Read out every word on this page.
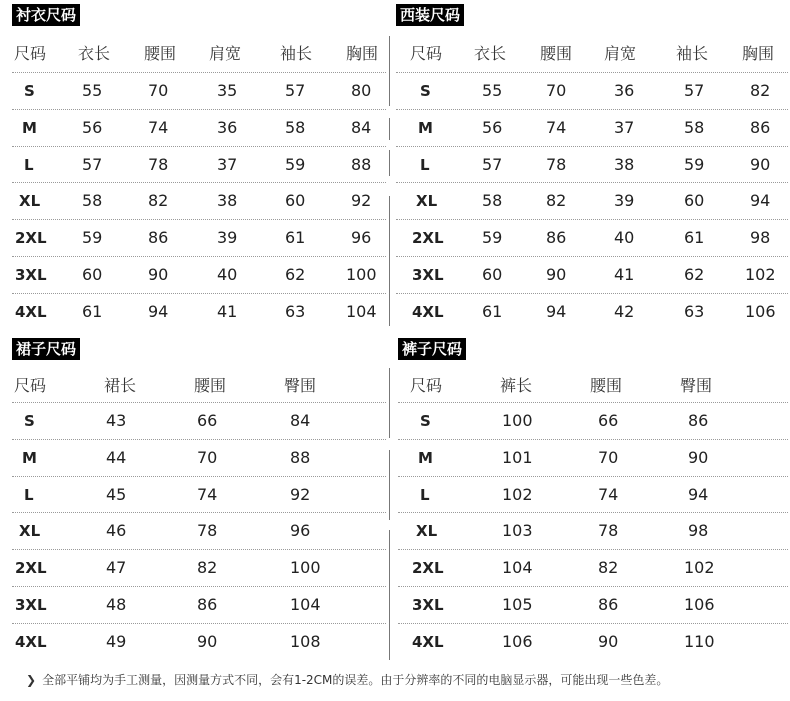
衬衣尺码
尺码 衣长 腰围 肩宽 袖长 胸围
S	55	70	35	57	80
M	56	74	36	58	84
L	57	78	37	59	88
XL	58	82	38	60	92
2XL 59	86	39	61	96
3XL 60	90	40	62	100
4XL 61	94	41	63	104
西装尺码
尺码 衣长 腰围 肩宽 袖长 胸围
S	55	70	36	57	82
M	56	74	37	58	86
L	57	78	38	59	90
XL	58	82	39	60	94
2XL 59	86	40	61	98
3XL 60	90	41	62	102
4XL 61	94	42	63	106
裙子尺码
尺码	裙长	腰围	臀围
S	43	66	84
M	44	70	88
L	45	74	92
XL	46	78	96
2XL	47	82	100
3XL	48	86	104
4XL	49	90	108
裤子尺码
尺码	裤长	腰围	臀围
S	100	66	86
M	101	70	90
L	102	74	94
XL	103	78	98
2XL	104	82	102
3XL	105	86	106
4XL	106	90	110
❯ 全部平铺均为手工测量，因测量方式不同，会有1-2CM的误差。由于分辨率的不同的电脑显示器，可能出现一些色差。
